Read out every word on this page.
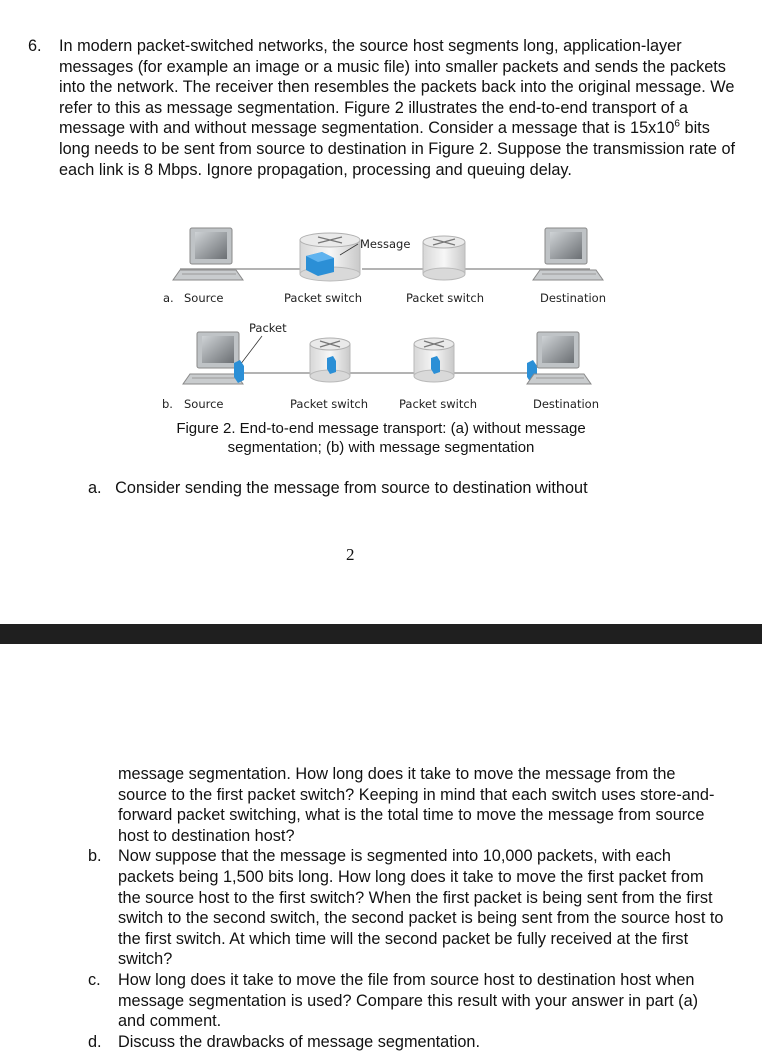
6. In modern packet-switched networks, the source host segments long, application-layer messages (for example an image or a music file) into smaller packets and sends the packets into the network. The receiver then resembles the packets back into the original message. We refer to this as message segmentation. Figure 2 illustrates the end-to-end transport of a message with and without message segmentation. Consider a message that is $15x10^6$ bits long needs to be sent from source to destination in Figure 2. Suppose the transmission rate of each link is 8 Mbps. Ignore propagation, processing and queuing delay.
Message
a. Source	Packet switch	Packet switch	Destination
Packet
b. Source	Packet switch	Packet switch	Destination
Figure 2. End-to-end message transport: (a) without message
segmentation; (b) with message segmentation
a. Consider sending the message from source to destination without
2
message segmentation. How long does it take to move the message from the source to the first packet switch? Keeping in mind that each switch uses store-and-forward packet switching, what is the total time to move the message from source host to destination host?
b. Now suppose that the message is segmented into 10,000 packets, with each packets being 1,500 bits long. How long does it take to move the first packet from the source host to the first switch? When the first packet is being sent from the first switch to the second switch, the second packet is being sent from the source host to the first switch. At which time will the second packet be fully received at the first switch?
c. How long does it take to move the file from source host to destination host when message segmentation is used? Compare this result with your answer in part (a) and comment.
d. Discuss the drawbacks of message segmentation.
